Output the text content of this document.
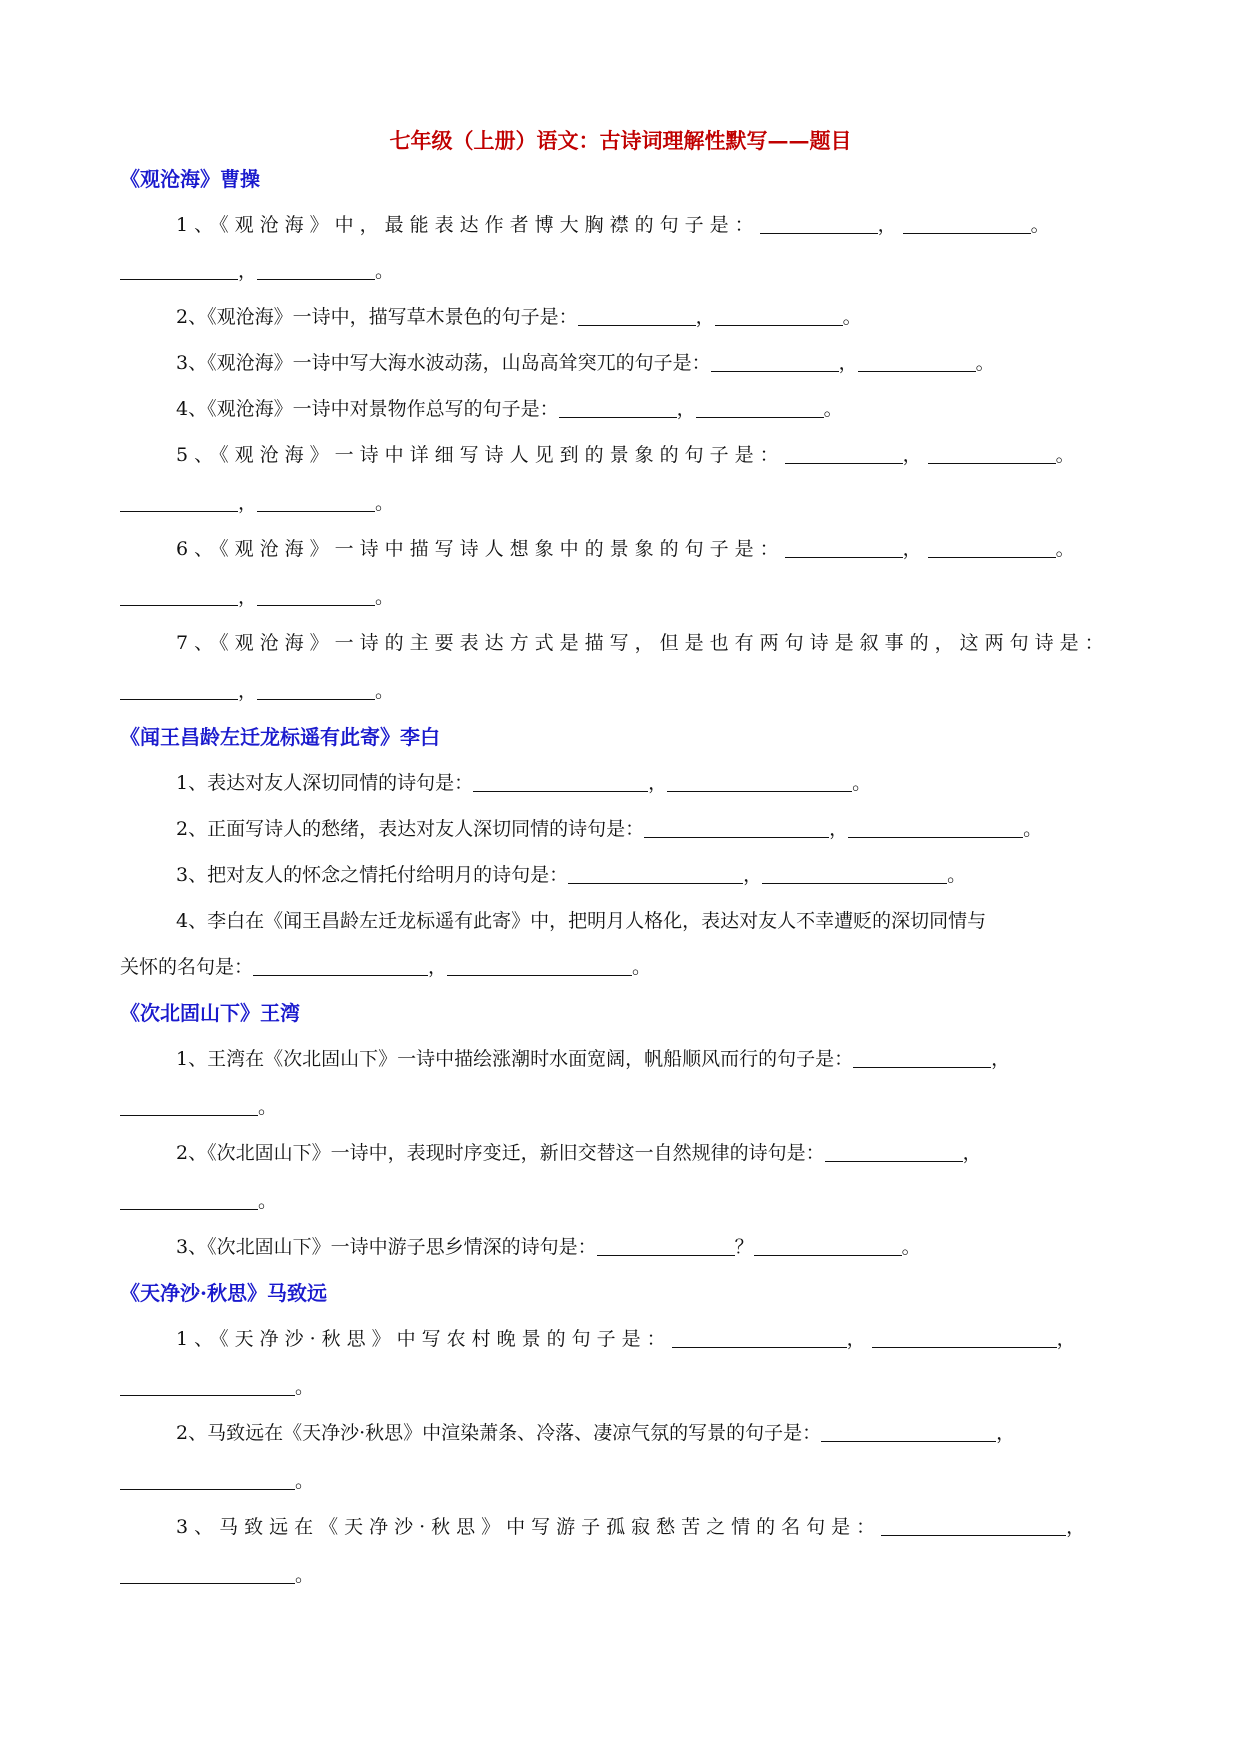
七年级（上册）语文：古诗词理解性默写——题目
《观沧海》曹操
1、《观沧海》中，最能表达作者博大胸襟的句子是：	，	。
，	。
2、《观沧海》一诗中，描写草木景色的句子是：	，	。
3、《观沧海》一诗中写大海水波动荡，山岛高耸突兀的句子是：	，	。
4、《观沧海》一诗中对景物作总写的句子是：	，	。
5、《观沧海》一诗中详细写诗人见到的景象的句子是：	，	。
，	。
6、《观沧海》一诗中描写诗人想象中的景象的句子是：	，	。
，	。
7、《观沧海》一诗的主要表达方式是描写，但是也有两句诗是叙事的，这两句诗是：
，	。
《闻王昌龄左迁龙标遥有此寄》李白
1、表达对友人深切同情的诗句是：	，	。
2、正面写诗人的愁绪，表达对友人深切同情的诗句是：	，	。
3、把对友人的怀念之情托付给明月的诗句是：	，	。
4、李白在《闻王昌龄左迁龙标遥有此寄》中，把明月人格化，表达对友人不幸遭贬的深切同情与
关怀的名句是：	，	。
《次北固山下》王湾
1、王湾在《次北固山下》一诗中描绘涨潮时水面宽阔，帆船顺风而行的句子是：	，
。
2、《次北固山下》一诗中，表现时序变迁，新旧交替这一自然规律的诗句是：	，
。
3、《次北固山下》一诗中游子思乡情深的诗句是：	？	。
《天净沙·秋思》马致远
1、《天净沙·秋思》中写农村晚景的句子是：	，	，
。
2、马致远在《天净沙·秋思》中渲染萧条、冷落、凄凉气氛的写景的句子是：	，
。
3、马致远在《天净沙·秋思》中写游子孤寂愁苦之情的名句是：	，
。
